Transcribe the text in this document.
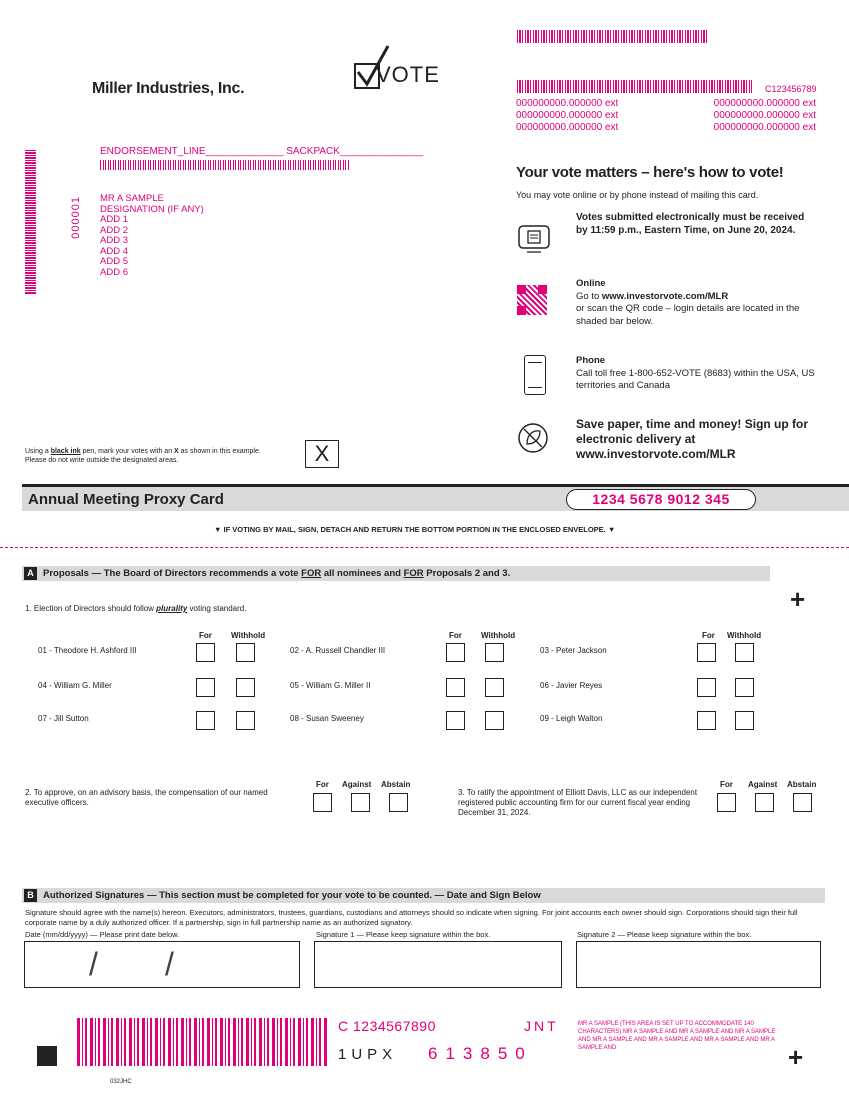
Miller Industries, Inc.
VOTE
ENDORSEMENT_LINE______________ SACKPACK_______________
000001 MR A SAMPLE
DESIGNATION (IF ANY)
ADD 1
ADD 2
ADD 3
ADD 4
ADD 5
ADD 6
Using a black ink pen, mark your votes with an X as shown in this example.
Please do not write outside the designated areas.	X
C123456789
000000000.000000 ext	000000000.000000 ext
000000000.000000 ext	000000000.000000 ext
000000000.000000 ext	000000000.000000 ext
Your vote matters – here's how to vote!
You may vote online or by phone instead of mailing this card.
Votes submitted electronically must be received by 11:59 p.m., Eastern Time, on June 20, 2024.
Online
Go to www.investorvote.com/MLR
or scan the QR code – login details are located in the shaded bar below.
Phone
Call toll free 1-800-652-VOTE (8683) within the USA, US territories and Canada
Save paper, time and money! Sign up for electronic delivery at www.investorvote.com/MLR
Annual Meeting Proxy Card	1234 5678 9012 345
▼ IF VOTING BY MAIL, SIGN, DETACH AND RETURN THE BOTTOM PORTION IN THE ENCLOSED ENVELOPE. ▼
A Proposals — The Board of Directors recommends a vote FOR all nominees and FOR Proposals 2 and 3.
+
1. Election of Directors should follow plurality voting standard.
For Withhold	For Withhold	For Withhold
01 - Theodore H. Ashford III	02 - A. Russell Chandler III	03 - Peter Jackson
04 - William G. Miller	05 - William G. Miller II	06 - Javier Reyes
07 - Jill Sutton	08 - Susan Sweeney	09 - Leigh Walton
2. To approve, on an advisory basis, the compensation of our named executive officers.
For Against Abstain
3. To ratify the appointment of Elliott Davis, LLC as our independent registered public accounting firm for our current fiscal year ending December 31, 2024.
For Against Abstain
B Authorized Signatures — This section must be completed for your vote to be counted. — Date and Sign Below
Signature should agree with the name(s) hereon. Executors, administrators, trustees, guardians, custodians and attorneys should so indicate when signing. For joint accounts each owner should sign. Corporations should sign their full corporate name by a duly authorized officer. If a partnership, sign in full partnership name as an authorized signatory.
Date (mm/dd/yyyy) — Please print date below.	Signature 1 — Please keep signature within the box.	Signature 2 — Please keep signature within the box.
/ /
C 1234567890	JNT
1UPX 613850
MR A SAMPLE (THIS AREA IS SET UP TO ACCOMMODATE 140 CHARACTERS) MR A SAMPLE AND MR A SAMPLE AND MR A SAMPLE AND MR A SAMPLE AND MR A SAMPLE AND MR A SAMPLE AND MR A SAMPLE AND	+
032JHC
